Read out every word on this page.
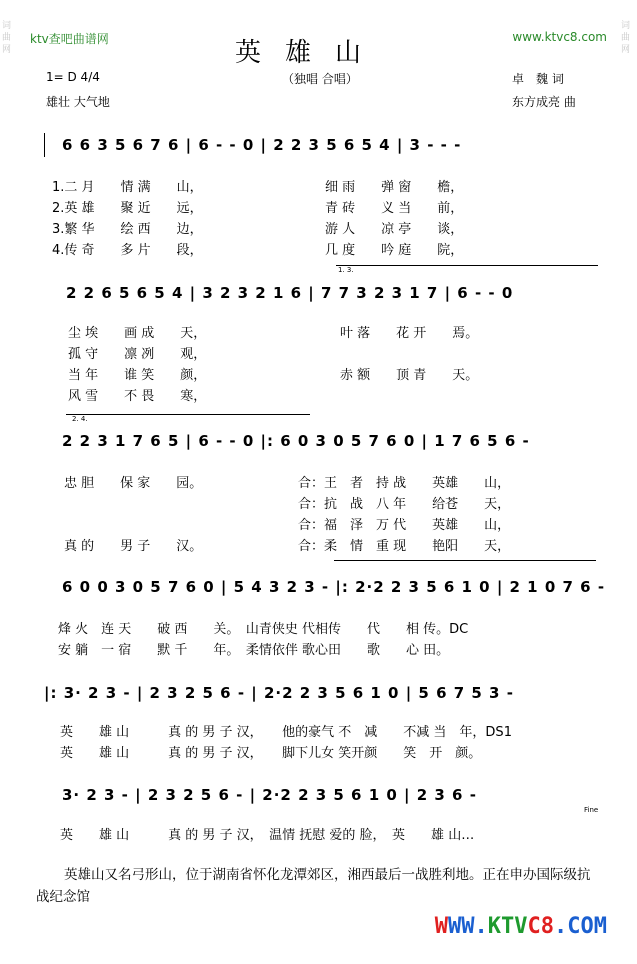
词曲网
词曲网
ktv查吧曲谱网	www.ktvc8.com
英雄山
1= D 4/4	（独唱 合唱）	卓　魏 词
雄壮 大气地	东方成亮 曲
6 6 3 5 6 7 6 | 6 - - 0 | 2 2 3 5 6 5 4 | 3 - - -
1.二 月　　情 满　　山，	细 雨　　弹 窗　　檐，
2.英 雄　　聚 近　　远，	青 砖　　义 当　　前，
3.繁 华　　绘 西　　边，	游 人　　凉 亭　　谈，
4.传 奇　　多 片　　段，	几 度　　吟 庭　　院，
1. 3.
2 2 6 5 6 5 4 | 3 2 3 2 1 6 | 7 7 3 2 3 1 7 | 6 - - 0
尘 埃　　画 成　　天，	叶 落　　花 开　　焉。
孤 守　　凛 冽　　观，
当 年　　谁 笑　　颜，	赤 额　　顶 青　　天。
风 雪　　不 畏　　寒，
2. 4.
2 2 3 1 7 6 5 | 6 - - 0 |: 6 0 3 0 5 7 6 0 | 1 7 6 5 6 -
忠 胆　　保 家　　园。	合：王　者　持 战　　英雄　　山，
合：抗　战　八 年　　给苍　　天，
合：福　泽　万 代　　英雄　　山，
真 的　　男 子　　汉。	合：柔　情　重 现　　艳阳　　天，
6 0 0 3 0 5 7 6 0 | 5 4 3 2 3 - |: 2·2 2 3 5 6 1 0 | 2 1 0 7 6 -
烽 火　连 天　　破 西　　关。　山青侠史 代相传　　代　　相 传。DC
安 躺　一 宿　　默 千　　年。　柔情依伴 歌心田　　歌　　心 田。
|: 3· 2 3 - | 2 3 2 5 6 - | 2·2 2 3 5 6 1 0 | 5 6 7 5 3 -
英　　雄 山　　　真 的 男 子 汉，　　他的豪气 不　减　　不减 当　年，DS1
英　　雄 山　　　真 的 男 子 汉，　　脚下儿女 笑开颜　　笑　开　颜。
3· 2 3 - | 2 3 2 5 6 - | 2·2 2 3 5 6 1 0 | 2 3 6 -
Fine
英　　雄 山　　　真 的 男 子 汉，　温情 抚慰 爱的 脸，　英　　雄 山…
英雄山又名弓形山，位于湖南省怀化龙潭郊区，湘西最后一战胜利地。正在申办国际级抗战纪念馆
WWW.KTVC8.COM
